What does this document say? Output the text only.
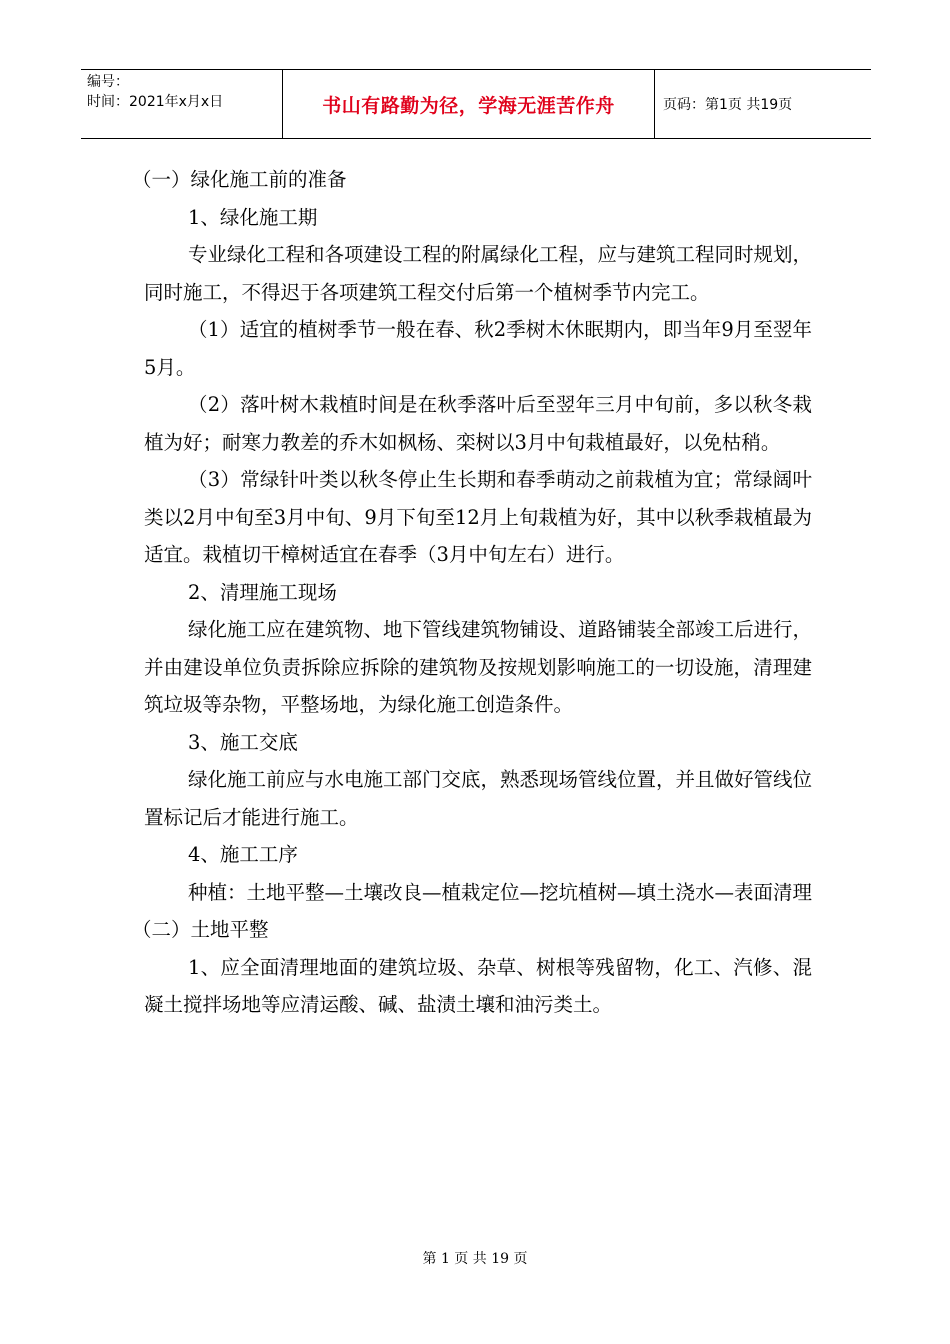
编号：
时间：2021年x月x日	书山有路勤为径，学海无涯苦作舟	页码：第1页 共19页

（一）绿化施工前的准备

1、绿化施工期

专业绿化工程和各项建设工程的附属绿化工程，应与建筑工程同时规划，同时施工，不得迟于各项建筑工程交付后第一个植树季节内完工。

（1）适宜的植树季节一般在春、秋2季树木休眠期内，即当年9月至翌年5月。

（2）落叶树木栽植时间是在秋季落叶后至翌年三月中旬前，多以秋冬栽植为好；耐寒力教差的乔木如枫杨、栾树以3月中旬栽植最好，以免枯稍。

（3）常绿针叶类以秋冬停止生长期和春季萌动之前栽植为宜；常绿阔叶类以2月中旬至3月中旬、9月下旬至12月上旬栽植为好，其中以秋季栽植最为适宜。栽植切干樟树适宜在春季（3月中旬左右）进行。

2、清理施工现场

绿化施工应在建筑物、地下管线建筑物铺设、道路铺装全部竣工后进行，并由建设单位负责拆除应拆除的建筑物及按规划影响施工的一切设施，清理建筑垃圾等杂物，平整场地，为绿化施工创造条件。

3、施工交底

绿化施工前应与水电施工部门交底，熟悉现场管线位置，并且做好管线位置标记后才能进行施工。

4、施工工序

种植：土地平整—土壤改良—植栽定位—挖坑植树—填土浇水—表面清理

（二）土地平整

1、应全面清理地面的建筑垃圾、杂草、树根等残留物，化工、汽修、混凝土搅拌场地等应清运酸、碱、盐渍土壤和油污类土。

第 1 页 共 19 页
